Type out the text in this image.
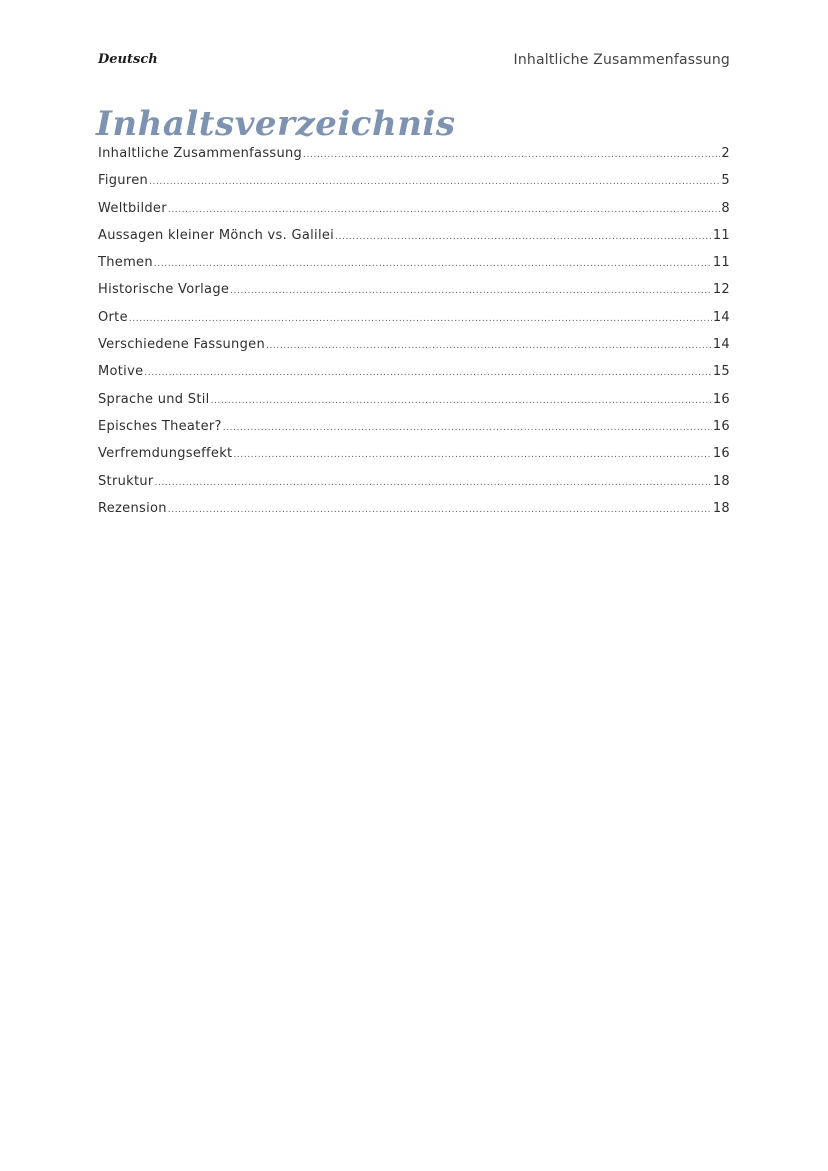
Deutsch	Inhaltliche Zusammenfassung
Inhaltsverzeichnis
Inhaltliche Zusammenfassung .....	2
Figuren .....	5
Weltbilder .....	8
Aussagen kleiner Mönch vs. Galilei .....	11
Themen .....	11
Historische Vorlage .....	12
Orte .....	14
Verschiedene Fassungen .....	14
Motive .....	15
Sprache und Stil .....	16
Episches Theater? .....	16
Verfremdungseffekt .....	16
Struktur .....	18
Rezension .....	18
